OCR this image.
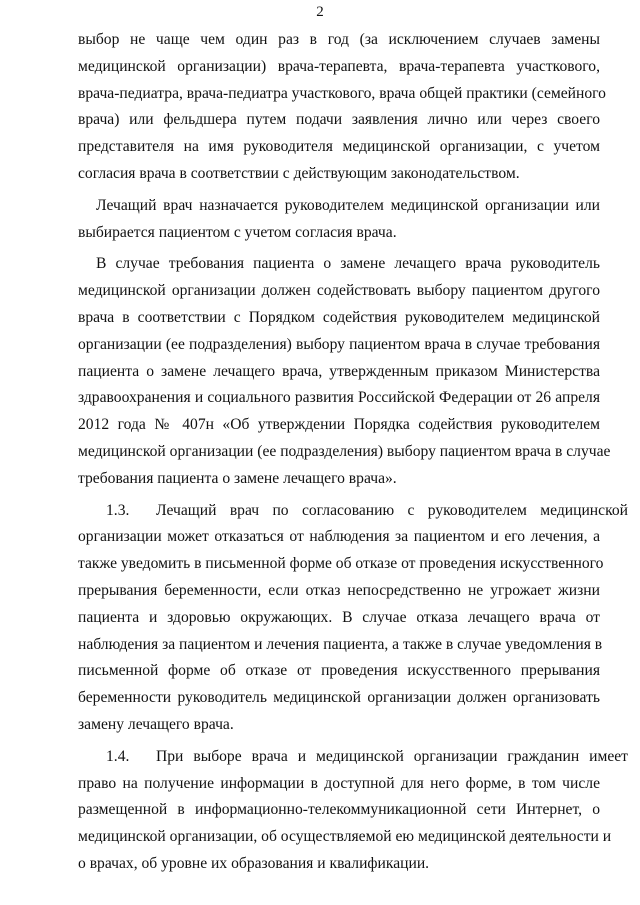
2
выбор не чаще чем один раз в год (за исключением случаев замены
медицинской организации) врача-терапевта, врача-терапевта участкового,
врача-педиатра, врача-педиатра участкового, врача общей практики (семейного
врача) или фельдшера путем подачи заявления лично или через своего
представителя на имя руководителя медицинской организации, с учетом
согласия врача в соответствии с действующим законодательством.
Лечащий врач назначается руководителем медицинской организации или
выбирается пациентом с учетом согласия врача.
В случае требования пациента о замене лечащего врача руководитель
медицинской организации должен содействовать выбору пациентом другого
врача в соответствии с Порядком содействия руководителем медицинской
организации (ее подразделения) выбору пациентом врача в случае требования
пациента о замене лечащего врача, утвержденным приказом Министерства
здравоохранения и социального развития Российской Федерации от 26 апреля
2012 года № 407н «Об утверждении Порядка содействия руководителем
медицинской организации (ее подразделения) выбору пациентом врача в случае
требования пациента о замене лечащего врача».
1.3. Лечащий врач по согласованию с руководителем медицинской
организации может отказаться от наблюдения за пациентом и его лечения, а
также уведомить в письменной форме об отказе от проведения искусственного
прерывания беременности, если отказ непосредственно не угрожает жизни
пациента и здоровью окружающих. В случае отказа лечащего врача от
наблюдения за пациентом и лечения пациента, а также в случае уведомления в
письменной форме об отказе от проведения искусственного прерывания
беременности руководитель медицинской организации должен организовать
замену лечащего врача.
1.4. При выборе врача и медицинской организации гражданин имеет
право на получение информации в доступной для него форме, в том числе
размещенной в информационно-телекоммуникационной сети Интернет, о
медицинской организации, об осуществляемой ею медицинской деятельности и
о врачах, об уровне их образования и квалификации.
